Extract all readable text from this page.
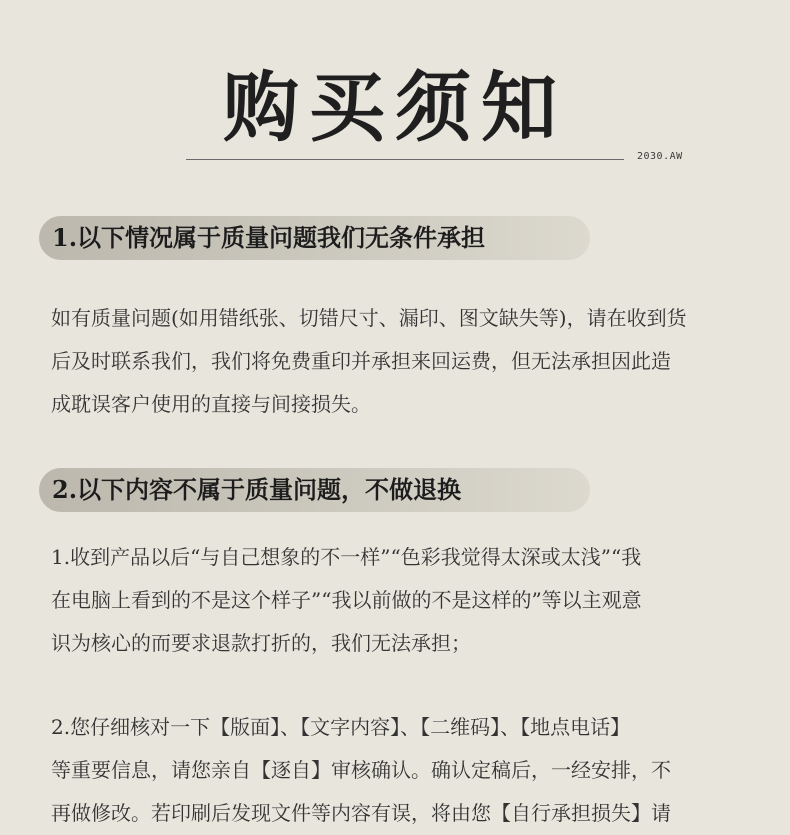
购买须知
2030.AW
1.以下情况属于质量问题我们无条件承担
如有质量问题(如用错纸张、切错尺寸、漏印、图文缺失等)，请在收到货
后及时联系我们，我们将免费重印并承担来回运费，但无法承担因此造
成耽误客户使用的直接与间接损失。
2.以下内容不属于质量问题，不做退换
1.收到产品以后“与自己想象的不一样”“色彩我觉得太深或太浅”“我
在电脑上看到的不是这个样子”“我以前做的不是这样的”等以主观意
识为核心的而要求退款打折的，我们无法承担；
2.您仔细核对一下【版面】、【文字内容】、【二维码】、【地点电话】
等重要信息，请您亲自【逐自】审核确认。确认定稿后，一经安排，不
再做修改。若印刷后发现文件等内容有误，将由您【自行承担损失】请
